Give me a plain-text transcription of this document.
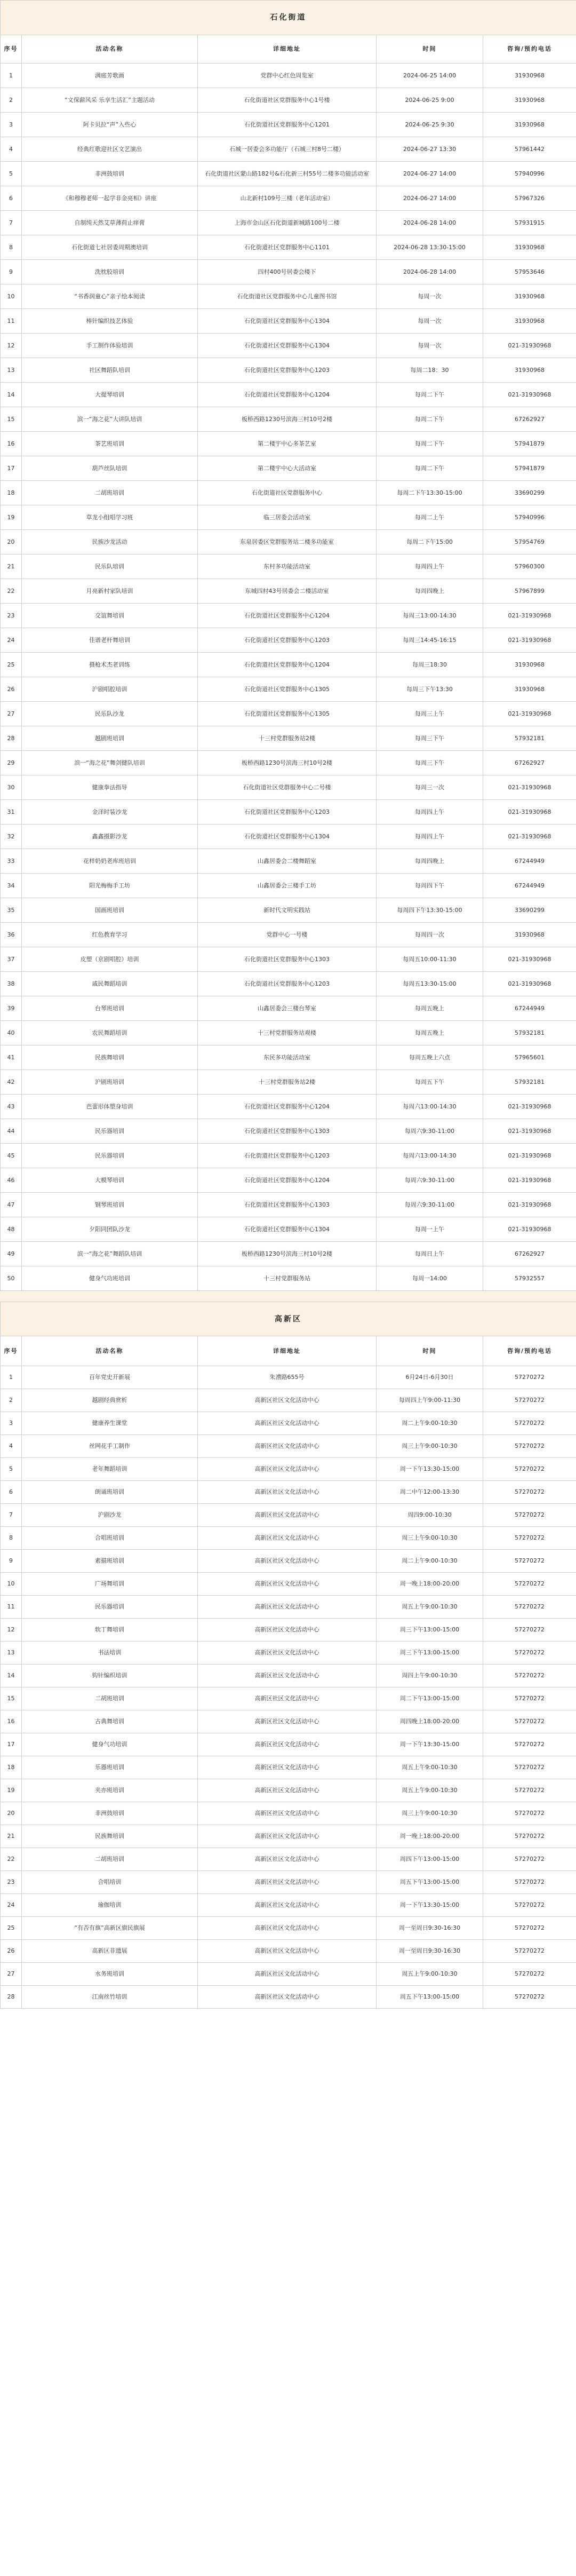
石化街道				
序号	活动名称	详细地址	时间	咨询/预约电话
1	满庭芳歌画	党群中心红色周览室	2024-06-25 14:00	31930968
2	“文保薪风采 乐享生活汇”主题活动	石化街道社区党群服务中心1号楼	2024-06-25 9:00	31930968
3	阿卡贝拉“声”入些心	石化街道社区党群服务中心1201	2024-06-25 9:30	31930968
4	经典红歌迎社区文艺演出	石城一居委会多功能厅（石城三村8号二楼）	2024-06-27 13:30	57961442
5	非洲鼓培训	石化街道社区蒙山路182号&石化新三村55号二楼多功能活动室	2024-06-27 14:00	57940996
6	《和穆穆老师一起学非金亮相》讲座	山北新村109号三楼（老年活动室）	2024-06-27 14:00	57967326
7	自制纯天然艾草薄荷止痒膏	上海市金山区石化街道新城路100号二楼	2024-06-28 14:00	57931915
8	石化街道七社居委周期澳培训	石化街道社区党群服务中心1101	2024-06-28 13:30-15:00	31930968
9	洗枕胶培训	四村400号居委会楼下	2024-06-28 14:00	57953646
10	“书香润童心”亲子绘本阅读	石化街道社区党群服务中心儿童图书馆	每周一次	31930968
11	棒针编织技艺体验	石化街道社区党群服务中心1304	每周一次	31930968
12	手工制作体验培训	石化街道社区党群服务中心1304	每周一次	021-31930968
13	社区舞蹈队培训	石化街道社区党群服务中心1203	每周二18：30	31930968
14	大提琴培训	石化街道社区党群服务中心1204	每周二下午	021-31930968
15	滨一“海之花”大讲队培训	板桥西路1230号滨海三村10号2楼	每周二下午	67262927
16	茶艺班培训	第二楼宇中心多茶艺室	每周二下午	57941879
17	葫芦丝队培训	第二楼宇中心大活动室	每周二下午	57941879
18	二胡班培训	石化街道社区党群服务中心	每周二下午13:30-15:00	33690299
19	草龙小组唱学习班	临三居委会活动室	每周二上午	57940996
20	民族沙龙活动	东泉居委区党群服务站二楼多功能室	每周二下午15:00	57954769
21	民乐队培训	东村多功能活动室	每周四上午	57960300
22	月亮新村家队培训	东城四村43号居委会二楼活动室	每周四晚上	57967899
23	交谊舞培训	石化街道社区党群服务中心1204	每周三13:00-14:30	021-31930968
24	佳谱老杆舞培训	石化街道社区党群服务中心1203	每周三14:45-16:15	021-31930968
25	摄枪术杰老训练	石化街道社区党群服务中心1204	每周三18:30	31930968
26	沪剧唱腔培训	石化街道社区党群服务中心1305	每周三下午13:30	31930968
27	民乐队沙龙	石化街道社区党群服务中心1305	每周三上午	021-31930968
28	越剧班培训	十三村党群服务站2楼	每周三下午	57932181
29	滨一“海之花”舞剑健队培训	板桥西路1230号滨海三村10号2楼	每周三下午	67262927
30	健康拳法指导	石化街道社区党群服务中心二号楼	每周三一次	021-31930968
31	金洋时装沙龙	石化街道社区党群服务中心1203	每周四上午	021-31930968
32	鑫鑫摄影沙龙	石化街道社区党群服务中心1304	每周四上午	021-31930968
33	花样奶奶老库班培训	山鑫居委会二楼舞蹈室	每周四晚上	67244949
34	阳光梅梅手工坊	山鑫居委会三楼手工坊	每周四下午	67244949
35	国画班培训	新时代文明实践站	每周四下午13:30-15:00	33690299
36	红色教育学习	党群中心一号楼	每周四一次	31930968
37	皮塑（京剧唱腔）培训	石化街道社区党群服务中心1303	每周五10:00-11:30	021-31930968
38	戚民舞蹈培训	石化街道社区党群服务中心1203	每周五13:30-15:00	021-31930968
39	台琴班培训	山鑫居委会三楼台琴室	每周五晚上	67244949
40	农民舞蹈培训	十三村党群服务站观楼	每周五晚上	57932181
41	民族舞培训	东民多功能活动室	每周五晚上六点	57965601
42	沪剧班培训	十三村党群服务站2楼	每周五下午	57932181
43	芭蕾形体塑身培训	石化街道社区党群服务中心1204	每周六13:00-14:30	021-31930968
44	民乐器培训	石化街道社区党群服务中心1303	每周六9:30-11:00	021-31930968
45	民乐器培训	石化街道社区党群服务中心1203	每周六13:00-14:30	021-31930968
46	大模琴培训	石化街道社区党群服务中心1204	每周六9:30-11:00	021-31930968
47	钢琴班培训	石化街道社区党群服务中心1303	每周六9:30-11:00	021-31930968
48	夕阳同团队沙龙	石化街道社区党群服务中心1304	每周一上午	021-31930968
49	滨一“海之花”舞蹈队培训	板桥西路1230号滨海三村10号2楼	每周日上午	67262927
50	健身气功班培训	十三村党群服务站	每周一14:00	57932557
高新区				
序号	活动名称	详细地址	时间	咨询/预约电话
1	百年党史开新展	朱漕路655号	6月24日-6月30日	57270272
2	越剧经典赏析	高新区社区文化活动中心	每周四上午9:00-11:30	57270272
3	健康养生课堂	高新区社区文化活动中心	周二上午9:00-10:30	57270272
4	丝网花手工制作	高新区社区文化活动中心	周三上午9:00-10:30	57270272
5	老年舞蹈培训	高新区社区文化活动中心	周一下午13:30-15:00	57270272
6	朗诵班培训	高新区社区文化活动中心	周二中午12:00-13:30	57270272
7	沪剧沙龙	高新区社区文化活动中心	周四9:00-10:30	57270272
8	合唱班培训	高新区社区文化活动中心	周三上午9:00-10:30	57270272
9	素描班培训	高新区社区文化活动中心	周二上午9:00-10:30	57270272
10	广场舞培训	高新区社区文化活动中心	周一晚上18:00-20:00	57270272
11	民乐器培训	高新区社区文化活动中心	周五上午9:00-10:30	57270272
12	软丁舞培训	高新区社区文化活动中心	周三下午13:00-15:00	57270272
13	书法培训	高新区社区文化活动中心	周三下午13:00-15:00	57270272
14	钩针编织培训	高新区社区文化活动中心	周四上午9:00-10:30	57270272
15	二胡班培训	高新区社区文化活动中心	周二下午13:00-15:00	57270272
16	古典舞培训	高新区社区文化活动中心	周四晚上18:00-20:00	57270272
17	健身气功培训	高新区社区文化活动中心	周一下午13:30-15:00	57270272
18	乐器班培训	高新区社区文化活动中心	周五上午9:00-10:30	57270272
19	夹亦班培训	高新区社区文化活动中心	周五上午9:00-10:30	57270272
20	非洲鼓培训	高新区社区文化活动中心	周三上午9:00-10:30	57270272
21	民族舞培训	高新区社区文化活动中心	周一晚上18:00-20:00	57270272
22	二胡班培训	高新区社区文化活动中心	周四下午13:00-15:00	57270272
23	合唱培训	高新区社区文化活动中心	周五下午13:00-15:00	57270272
24	瑜伽培训	高新区社区文化活动中心	周一下午13:30-15:00	57270272
25	“有否有旗”高新区旗民旗展	高新区社区文化活动中心	周一至周日9:30-16:30	57270272
26	高新区非遗展	高新区社区文化活动中心	周一至周日9:30-16:30	57270272
27	水务班培训	高新区社区文化活动中心	周五上午9:00-10:30	57270272
28	江南丝竹培训	高新区社区文化活动中心	周五下午13:00-15:00	57270272
